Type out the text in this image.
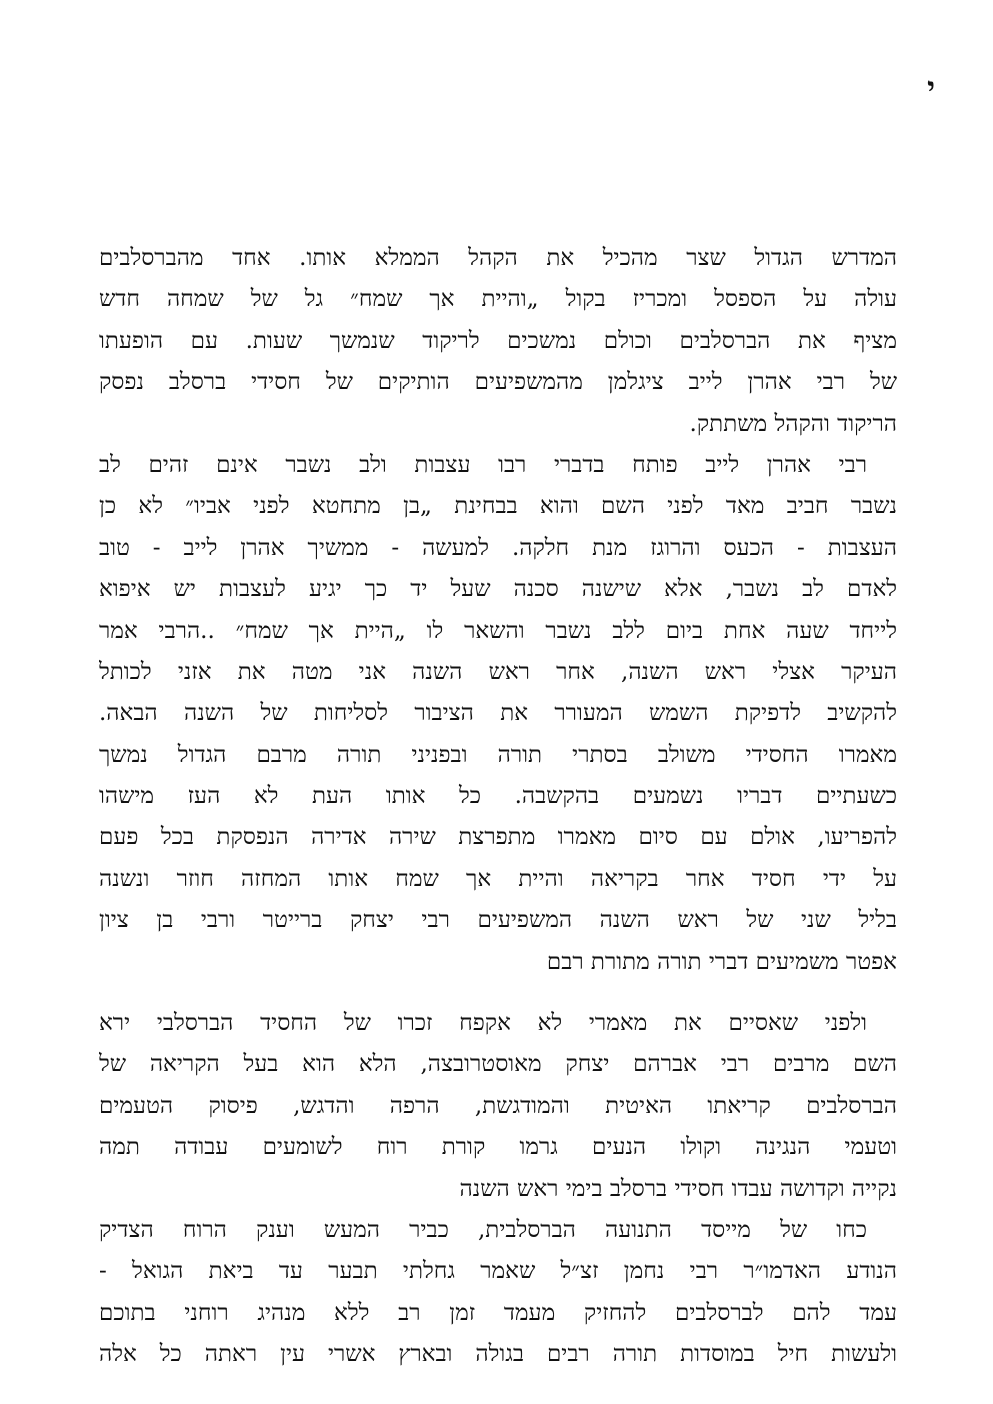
י
המדרש הגדול שצר מהכיל את הקהל הממלא אותו. אחד מהברסלבים
עולה על הספסל ומכריז בקול „והיית אך שמח״ גל של שמחה חדש
מציף את הברסלבים וכולם נמשכים לריקוד שנמשך שעות. עם הופעתו
של רבי אהרן לייב ציגלמן מהמשפיעים הותיקים של חסידי ברסלב נפסק
הריקוד והקהל משתתק.
רבי אהרן לייב פותח בדברי רבו עצבות ולב נשבר אינם זהים לב
נשבר חביב מאד לפני השם והוא בבחינת „בן מתחטא לפני אביו״ לא כן
העצבות - הכעס והרוגז מנת חלקה. למעשה - ממשיך אהרן לייב - טוב
לאדם לב נשבר, אלא שישנה סכנה שעל יד כך יגיע לעצבות יש איפוא
לייחד שעה אחת ביום ללב נשבר והשאר לו „היית אך שמח״ ..הרבי אמר
העיקר אצלי ראש השנה, אחר ראש השנה אני מטה את אזני לכותל
להקשיב לדפיקת השמש המעורר את הציבור לסליחות של השנה הבאה.
מאמרו החסידי משולב בסתרי תורה ובפניני תורה מרבם הגדול נמשך
כשעתיים דבריו נשמעים בהקשבה. כל אותו העת לא העז מישהו
להפריעו, אולם עם סיום מאמרו מתפרצת שירה אדירה הנפסקת בכל פעם
על ידי חסיד אחר בקריאה והיית אך שמח אותו המחזה חוזר ונשנה
בליל שני של ראש השנה המשפיעים רבי יצחק ברייטר ורבי בן ציון
אפטר משמיעים דברי תורה מתורת רבם
ולפני שאסיים את מאמרי לא אקפח זכרו של החסיד הברסלבי ירא
השם מרבים רבי אברהם יצחק מאוסטרובצה, הלא הוא בעל הקריאה של
הברסלבים קריאתו האיטית והמודגשת, הרפה והדגש, פיסוק הטעמים
וטעמי הנגינה וקולו הנעים גרמו קורת רוח לשומעים עבודה תמה
נקייה וקדושה עבדו חסידי ברסלב בימי ראש השנה
כחו של מייסד התנועה הברסלבית, כביר המעש וענק הרוח הצדיק
הנודע האדמו״ר רבי נחמן זצ״ל שאמר גחלתי תבער עד ביאת הגואל -
עמד להם לברסלבים להחזיק מעמד זמן רב ללא מנהיג רוחני בתוכם
ולעשות חיל במוסדות תורה רבים בגולה ובארץ אשרי עין ראתה כל אלה
